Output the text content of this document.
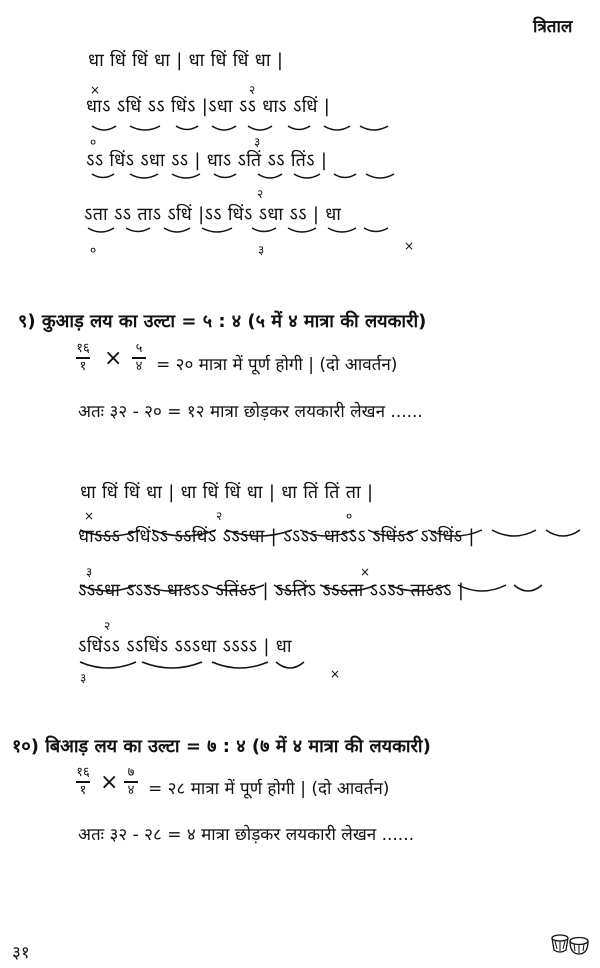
त्रिताल
धा धिं धिं धा | धा धिं धिं धा |
×	२
धाऽ ऽधिं ऽऽ धिंऽ |ऽधा ऽऽ धाऽ ऽधिं |
०	३
ऽऽ धिंऽ ऽधा ऽऽ | धाऽ ऽतिं ऽऽ तिंऽ |
२
ऽता ऽऽ ताऽ ऽधिं |ऽऽ धिंऽ ऽधा ऽऽ | धा
०	३	×
९) कुआड़ लय का उल्टा = ५ : ४ (५ में ४ मात्रा की लयकारी)
१६
१ × ५
४ = २० मात्रा में पूर्ण होगी | (दो आवर्तन)
अतः ३२ - २० = १२ मात्रा छोड़कर लयकारी लेखन ......
धा धिं धिं धा | धा धिं धिं धा | धा तिं तिं ता |
×	२	०
धाऽऽऽ ऽधिंऽऽ ऽऽधिंऽ ऽऽऽधा | ऽऽऽऽ धाऽऽऽ ऽधिंऽऽ ऽऽधिंऽ |
३	×
ऽऽऽधा ऽऽऽऽ धाऽऽऽ ऽतिंऽऽ | ऽऽतिंऽ ऽऽऽता ऽऽऽऽ ताऽऽऽ |
२
ऽधिंऽऽ ऽऽधिंऽ ऽऽऽधा ऽऽऽऽ | धा
३	×
१०) बिआड़ लय का उल्टा = ७ : ४ (७ में ४ मात्रा की लयकारी)
१६
१ × ७
४ = २८ मात्रा में पूर्ण होगी | (दो आवर्तन)
अतः ३२ - २८ = ४ मात्रा छोड़कर लयकारी लेखन ......
३१
